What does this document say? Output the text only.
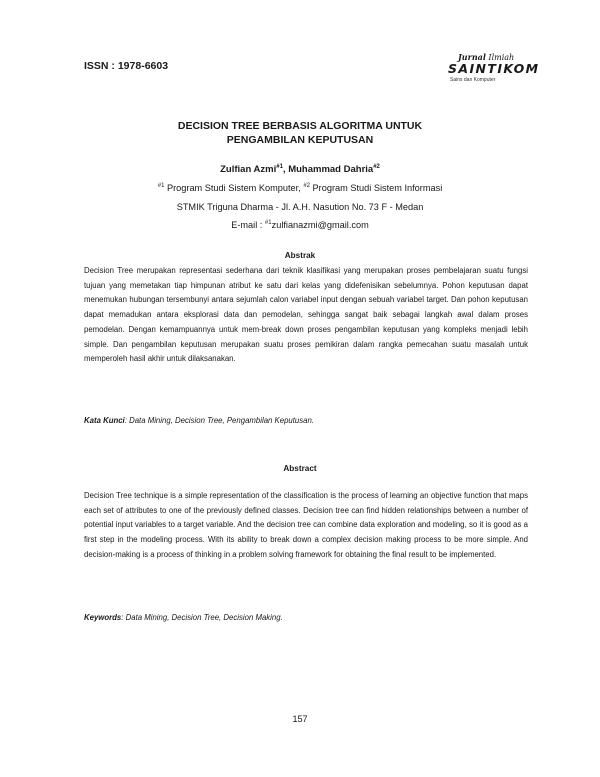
ISSN : 1978-6603
Jurnal Ilmiah
SAINTIKOM
Sains dan Komputer
DECISION TREE BERBASIS ALGORITMA UNTUK
PENGAMBILAN KEPUTUSAN
Zulfian Azmi$^{\#1}$, Muhammad Dahria$^{\#2}$
$^{\#1}$ Program Studi Sistem Komputer, $^{\#2}$ Program Studi Sistem Informasi
STMIK Triguna Dharma - Jl. A.H. Nasution No. 73 F - Medan
E-mail : $^{\#1}$zulfianazmi@gmail.com
Abstrak

Decision Tree merupakan representasi sederhana dari teknik klasifikasi yang merupakan proses pembelajaran suatu fungsi tujuan yang memetakan tiap himpunan atribut ke satu dari kelas yang didefenisikan sebelumnya. Pohon keputusan dapat menemukan hubungan tersembunyi antara sejumlah calon variabel input dengan sebuah variabel target. Dan pohon keputusan dapat memadukan antara eksplorasi data dan pemodelan, sehingga sangat baik sebagai langkah awal dalam proses pemodelan. Dengan kemampuannya untuk mem-break down proses pengambilan keputusan yang kompleks menjadi lebih simple. Dan pengambilan keputusan merupakan suatu proses pemikiran dalam rangka pemecahan suatu masalah untuk memperoleh hasil akhir untuk dilaksanakan.

Kata Kunci: Data Mining, Decision Tree, Pengambilan Keputusan.
Abstract

Decision Tree technique is a simple representation of the classification is the process of learning an objective function that maps each set of attributes to one of the previously defined classes. Decision tree can find hidden relationships between a number of potential input variables to a target variable. And the decision tree can combine data exploration and modeling, so it is good as a first step in the modeling process. With its ability to break down a complex decision making process to be more simple. And decision-making is a process of thinking in a problem solving framework for obtaining the final result to be implemented.

Keywords: Data Mining, Decision Tree, Decision Making.
157
